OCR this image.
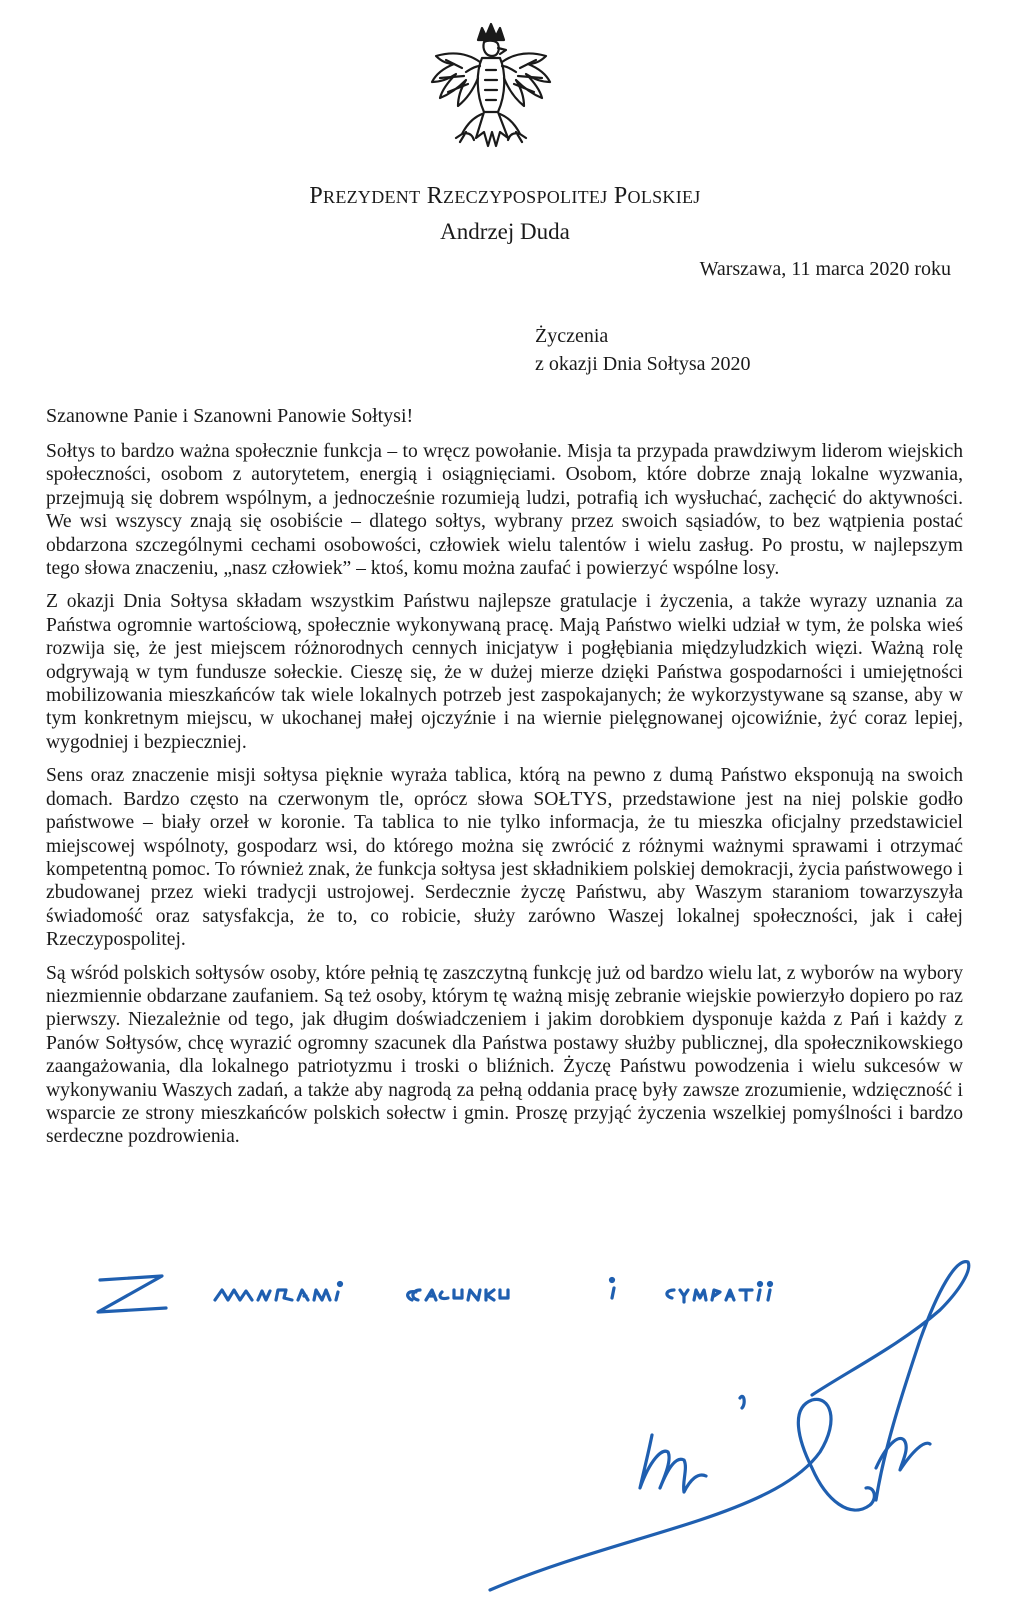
PREZYDENT RZECZYPOSPOLITEJ POLSKIEJ
Andrzej Duda
Warszawa, 11 marca 2020 roku
Życzenia
z okazji Dnia Sołtysa 2020
Szanowne Panie i Szanowni Panowie Sołtysi!

Sołtys to bardzo ważna społecznie funkcja – to wręcz powołanie. Misja ta przypada prawdziwym liderom wiejskich społeczności, osobom z autorytetem, energią i osiągnięciami. Osobom, które dobrze znają lokalne wyzwania, przejmują się dobrem wspólnym, a jednocześnie rozumieją ludzi, potrafią ich wysłuchać, zachęcić do aktywności. We wsi wszyscy znają się osobiście – dlatego sołtys, wybrany przez swoich sąsiadów, to bez wątpienia postać obdarzona szczególnymi cechami osobowości, człowiek wielu talentów i wielu zasług. Po prostu, w najlepszym tego słowa znaczeniu, „nasz człowiek” – ktoś, komu można zaufać i powierzyć wspólne losy.

Z okazji Dnia Sołtysa składam wszystkim Państwu najlepsze gratulacje i życzenia, a także wyrazy uznania za Państwa ogromnie wartościową, społecznie wykonywaną pracę. Mają Państwo wielki udział w tym, że polska wieś rozwija się, że jest miejscem różnorodnych cennych inicjatyw i pogłębiania międzyludzkich więzi. Ważną rolę odgrywają w tym fundusze sołeckie. Cieszę się, że w dużej mierze dzięki Państwa gospodarności i umiejętności mobilizowania mieszkańców tak wiele lokalnych potrzeb jest zaspokajanych; że wykorzystywane są szanse, aby w tym konkretnym miejscu, w ukochanej małej ojczyźnie i na wiernie pielęgnowanej ojcowiźnie, żyć coraz lepiej, wygodniej i bezpieczniej.

Sens oraz znaczenie misji sołtysa pięknie wyraża tablica, którą na pewno z dumą Państwo eksponują na swoich domach. Bardzo często na czerwonym tle, oprócz słowa SOŁTYS, przedstawione jest na niej polskie godło państwowe – biały orzeł w koronie. Ta tablica to nie tylko informacja, że tu mieszka oficjalny przedstawiciel miejscowej wspólnoty, gospodarz wsi, do którego można się zwrócić z różnymi ważnymi sprawami i otrzymać kompetentną pomoc. To również znak, że funkcja sołtysa jest składnikiem polskiej demokracji, życia państwowego i zbudowanej przez wieki tradycji ustrojowej. Serdecznie życzę Państwu, aby Waszym staraniom towarzyszyła świadomość oraz satysfakcja, że to, co robicie, służy zarówno Waszej lokalnej społeczności, jak i całej Rzeczypospolitej.

Są wśród polskich sołtysów osoby, które pełnią tę zaszczytną funkcję już od bardzo wielu lat, z wyborów na wybory niezmiennie obdarzane zaufaniem. Są też osoby, którym tę ważną misję zebranie wiejskie powierzyło dopiero po raz pierwszy. Niezależnie od tego, jak długim doświadczeniem i jakim dorobkiem dysponuje każda z Pań i każdy z Panów Sołtysów, chcę wyrazić ogromny szacunek dla Państwa postawy służby publicznej, dla społecznikowskiego zaangażowania, dla lokalnego patriotyzmu i troski o bliźnich. Życzę Państwu powodzenia i wielu sukcesów w wykonywaniu Waszych zadań, a także aby nagrodą za pełną oddania pracę były zawsze zrozumienie, wdzięczność i wsparcie ze strony mieszkańców polskich sołectw i gmin. Proszę przyjąć życzenia wszelkiej pomyślności i bardzo serdeczne pozdrowienia.
